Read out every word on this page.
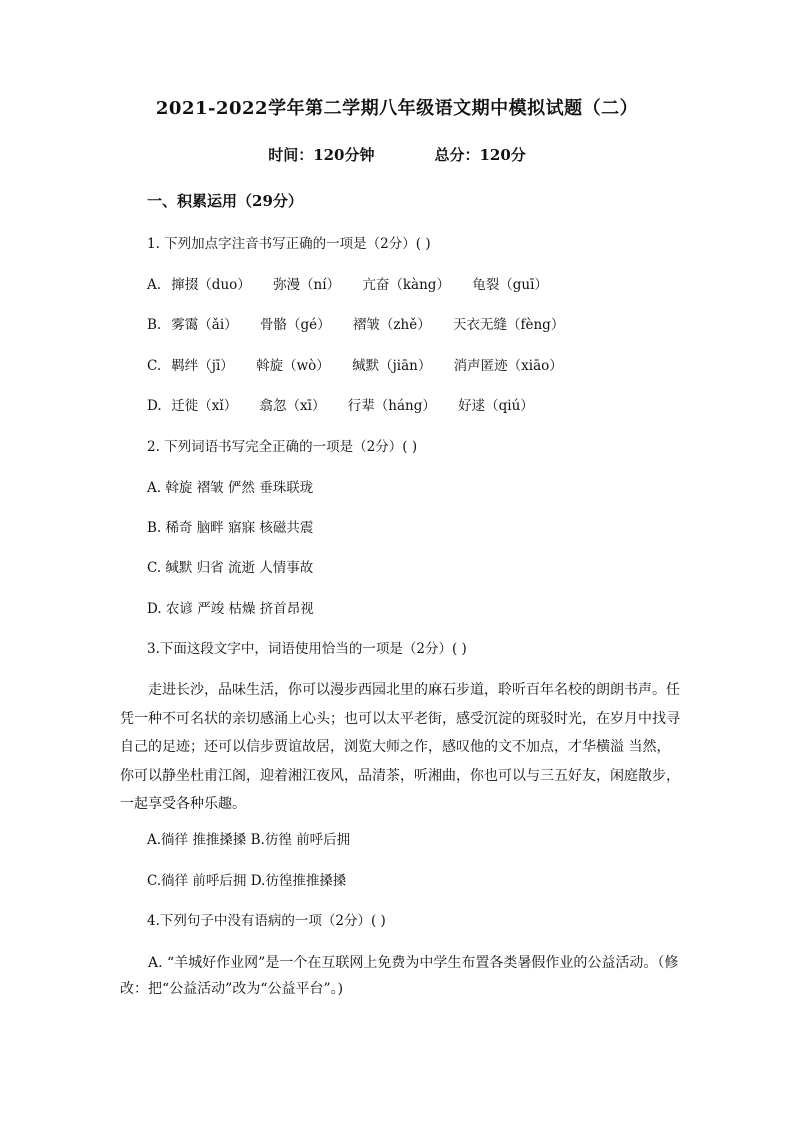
2021-2022学年第二学期八年级语文期中模拟试题（二）
时间：120分钟	总分：120分
一、积累运用（29分）
1. 下列加点字注音书写正确的一项是（2分）( )
A. 撺掇（duo） 弥漫（ní） 亢奋（kàng） 龟裂（guī）
B. 雾霭（ǎi） 骨骼（gé） 褶皱（zhě） 天衣无缝（fèng）
C. 羁绊（jī） 斡旋（wò） 缄默（jiān） 消声匿迹（xiāo）
D. 迁徙（xǐ） 翕忽（xī） 行辈（háng） 好逑（qiú）
2. 下列词语书写完全正确的一项是（2分）( )
A. 斡旋 褶皱 俨然 垂珠联珑
B. 稀奇 脑畔 寤寐 核磁共震
C. 缄默 归省 流逝 人情事故
D. 农谚 严竣 枯燥 挤首昂视
3.下面这段文字中，词语使用恰当的一项是（2分）( )
走进长沙，品味生活，你可以漫步西园北里的麻石步道，聆听百年名校的朗朗书声。任凭一种不可名状的亲切感涌上心头；也可以太平老街，感受沉淀的斑驳时光，在岁月中找寻自己的足迹；还可以信步贾谊故居，浏览大师之作，感叹他的文不加点，才华横溢 当然，你可以静坐杜甫江阁，迎着湘江夜风，品清茶，听湘曲，你也可以与三五好友，闲庭散步，一起享受各种乐趣。
A.徜徉 推推搡搡 B.彷徨 前呼后拥
C.徜徉 前呼后拥 D.彷徨推推搡搡
4.下列句子中没有语病的一项（2分）( )
A. “羊城好作业网”是一个在互联网上免费为中学生布置各类暑假作业的公益活动。（修改：把“公益活动”改为“公益平台”。)
